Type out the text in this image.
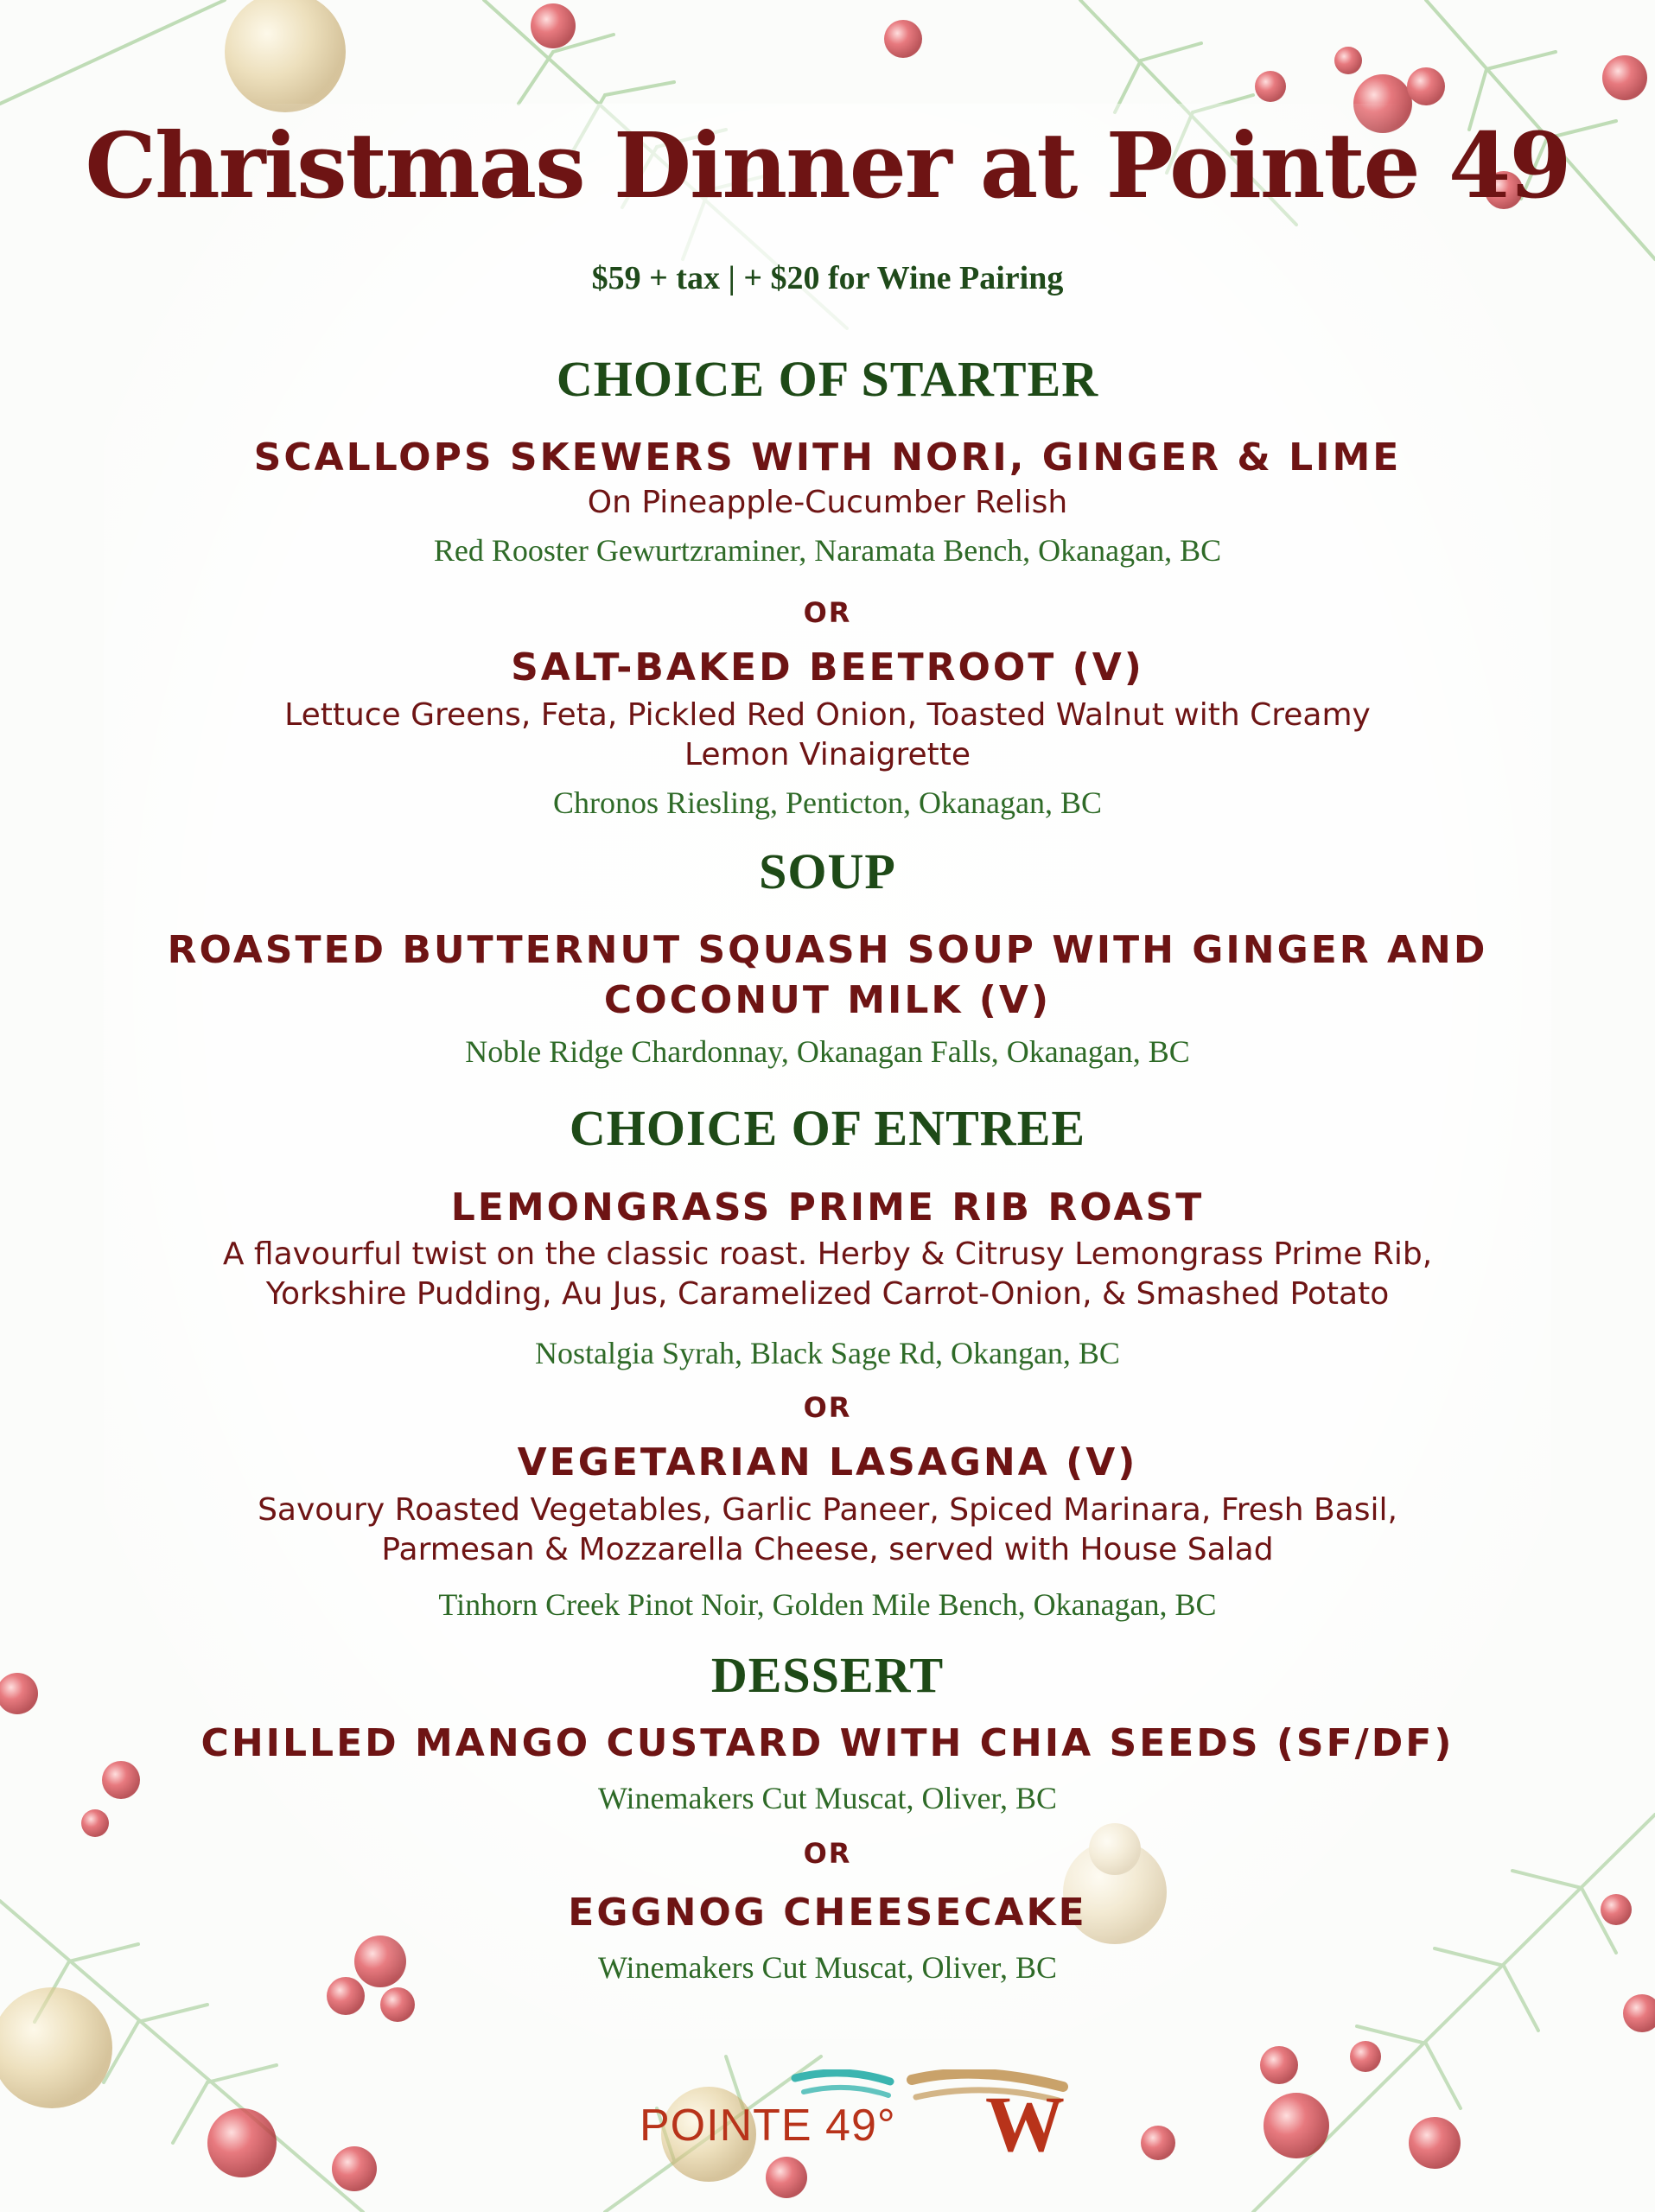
Christmas Dinner at Pointe 49
$59 + tax | + $20 for Wine Pairing
CHOICE OF STARTER
SCALLOPS SKEWERS WITH NORI, GINGER & LIME
On Pineapple-Cucumber Relish
Red Rooster Gewurtzraminer, Naramata Bench, Okanagan, BC
OR
SALT-BAKED BEETROOT (V)
Lettuce Greens, Feta, Pickled Red Onion, Toasted Walnut with Creamy
Lemon Vinaigrette
Chronos Riesling, Penticton, Okanagan, BC
SOUP
ROASTED BUTTERNUT SQUASH SOUP WITH GINGER AND
COCONUT MILK (V)
Noble Ridge Chardonnay, Okanagan Falls, Okanagan, BC
CHOICE OF ENTREE
LEMONGRASS PRIME RIB ROAST
A flavourful twist on the classic roast. Herby & Citrusy Lemongrass Prime Rib,
Yorkshire Pudding, Au Jus, Caramelized Carrot-Onion, & Smashed Potato
Nostalgia Syrah, Black Sage Rd, Okangan, BC
OR
VEGETARIAN LASAGNA (V)
Savoury Roasted Vegetables, Garlic Paneer, Spiced Marinara, Fresh Basil,
Parmesan & Mozzarella Cheese, served with House Salad
Tinhorn Creek Pinot Noir, Golden Mile Bench, Okanagan, BC
DESSERT
CHILLED MANGO CUSTARD WITH CHIA SEEDS (SF/DF)
Winemakers Cut Muscat, Oliver, BC
OR
EGGNOG CHEESECAKE
Winemakers Cut Muscat, Oliver, BC
POINTE 49° W
